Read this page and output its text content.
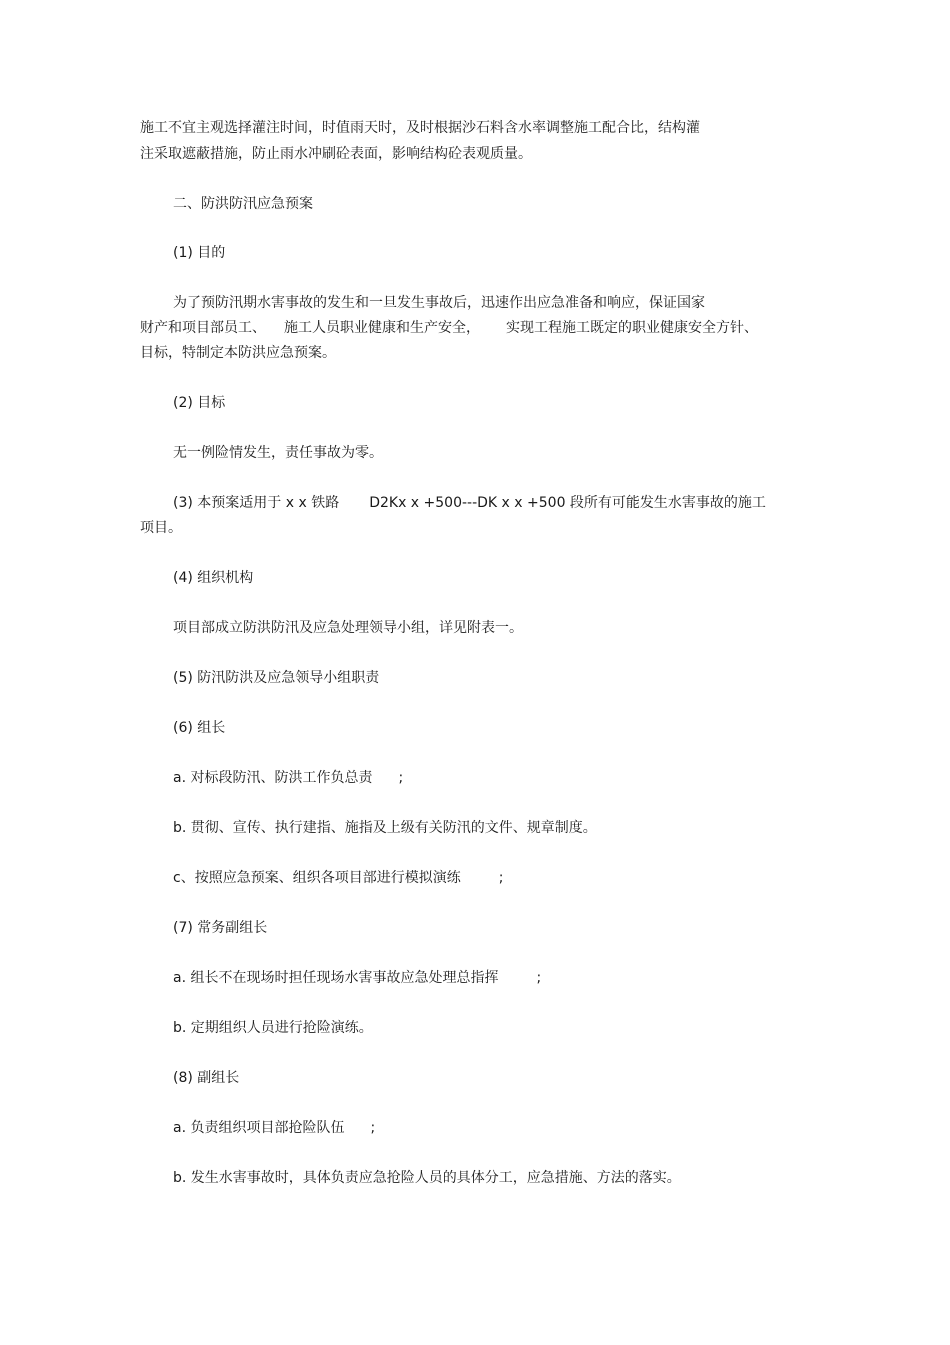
施工不宜主观选择灌注时间，时值雨天时，及时根据沙石料含水率调整施工配合比，结构灌

注采取遮蔽措施，防止雨水冲刷砼表面，影响结构砼表观质量。

二、防洪防汛应急预案

(1) 目的

为了预防汛期水害事故的发生和一旦发生事故后，迅速作出应急准备和响应，保证国家

财产和项目部员工、 施工人员职业健康和生产安全， 实现工程施工既定的职业健康安全方针、

目标，特制定本防洪应急预案。

(2) 目标

无一例险情发生，责任事故为零。

(3) 本预案适用于 x x 铁路 D2Kx x +500---DK x x +500 段所有可能发生水害事故的施工

项目。

(4) 组织机构

项目部成立防洪防汛及应急处理领导小组，详见附表一。

(5) 防汛防洪及应急领导小组职责

(6) 组长

a. 对标段防汛、防洪工作负总责 ;

b. 贯彻、宣传、执行建指、施指及上级有关防汛的文件、规章制度。

c、按照应急预案、组织各项目部进行模拟演练	;

(7) 常务副组长

a. 组长不在现场时担任现场水害事故应急处理总指挥	;

b. 定期组织人员进行抢险演练。

(8) 副组长

a. 负责组织项目部抢险队伍 ;

b. 发生水害事故时，具体负责应急抢险人员的具体分工，应急措施、方法的落实。
